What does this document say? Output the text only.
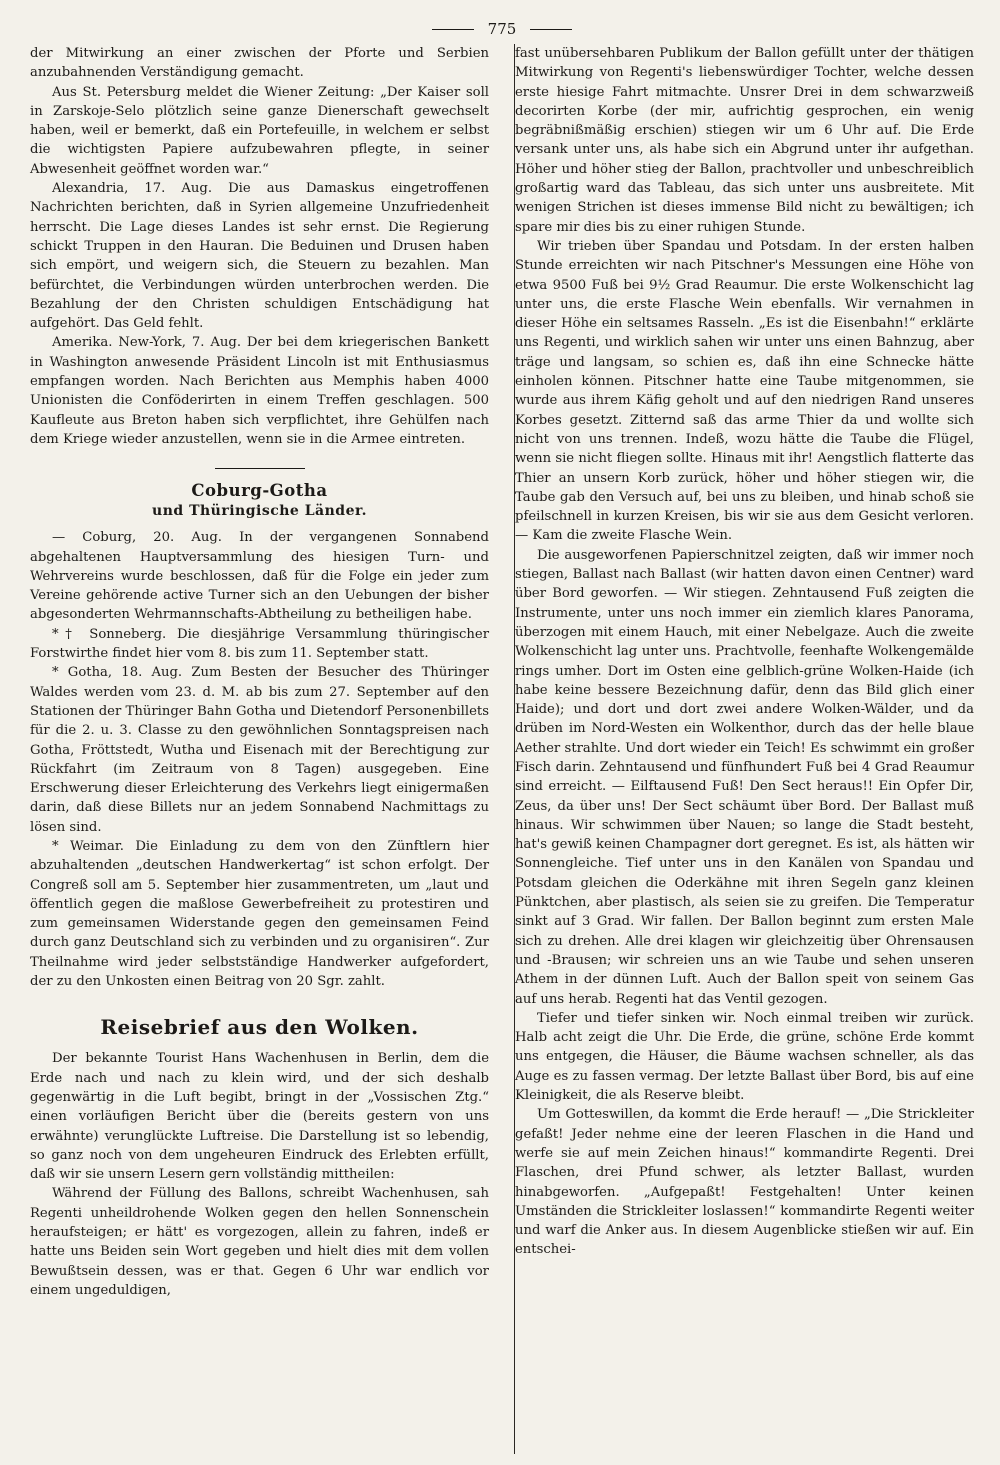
775

der Mitwirkung an einer zwischen der Pforte und Serbien anzubahnenden Verständigung gemacht.

Aus St. Petersburg meldet die Wiener Zeitung: „Der Kaiser soll in Zarskoje-Selo plötzlich seine ganze Dienerschaft gewechselt haben, weil er bemerkt, daß ein Portefeuille, in welchem er selbst die wichtigsten Papiere aufzubewahren pflegte, in seiner Abwesenheit geöffnet worden war.“

Alexandria, 17. Aug. Die aus Damaskus eingetroffenen Nachrichten berichten, daß in Syrien allgemeine Unzufriedenheit herrscht. Die Lage dieses Landes ist sehr ernst. Die Regierung schickt Truppen in den Hauran. Die Beduinen und Drusen haben sich empört, und weigern sich, die Steuern zu bezahlen. Man befürchtet, die Verbindungen würden unterbrochen werden. Die Bezahlung der den Christen schuldigen Entschädigung hat aufgehört. Das Geld fehlt.

Amerika. New-York, 7. Aug. Der bei dem kriegerischen Bankett in Washington anwesende Präsident Lincoln ist mit Enthusiasmus empfangen worden. Nach Berichten aus Memphis haben 4000 Unionisten die Conföderirten in einem Treffen geschlagen. 500 Kaufleute aus Breton haben sich verpflichtet, ihre Gehülfen nach dem Kriege wieder anzustellen, wenn sie in die Armee eintreten.

Coburg-Gotha
und Thüringische Länder.

— Coburg, 20. Aug. In der vergangenen Sonnabend abgehaltenen Hauptversammlung des hiesigen Turn- und Wehrvereins wurde beschlossen, daß für die Folge ein jeder zum Vereine gehörende active Turner sich an den Uebungen der bisher abgesonderten Wehrmannschafts-Abtheilung zu betheiligen habe.

*† Sonneberg. Die diesjährige Versammlung thüringischer Forstwirthe findet hier vom 8. bis zum 11. September statt.

* Gotha, 18. Aug. Zum Besten der Besucher des Thüringer Waldes werden vom 23. d. M. ab bis zum 27. September auf den Stationen der Thüringer Bahn Gotha und Dietendorf Personenbillets für die 2. u. 3. Classe zu den gewöhnlichen Sonntagspreisen nach Gotha, Fröttstedt, Wutha und Eisenach mit der Berechtigung zur Rückfahrt (im Zeitraum von 8 Tagen) ausgegeben. Eine Erschwerung dieser Erleichterung des Verkehrs liegt einigermaßen darin, daß diese Billets nur an jedem Sonnabend Nachmittags zu lösen sind.

* Weimar. Die Einladung zu dem von den Zünftlern hier abzuhaltenden „deutschen Handwerkertag“ ist schon erfolgt. Der Congreß soll am 5. September hier zusammentreten, um „laut und öffentlich gegen die maßlose Gewerbefreiheit zu protestiren und zum gemeinsamen Widerstande gegen den gemeinsamen Feind durch ganz Deutschland sich zu verbinden und zu organisiren“. Zur Theilnahme wird jeder selbstständige Handwerker aufgefordert, der zu den Unkosten einen Beitrag von 20 Sgr. zahlt.

Reisebrief aus den Wolken.

Der bekannte Tourist Hans Wachenhusen in Berlin, dem die Erde nach und nach zu klein wird, und der sich deshalb gegenwärtig in die Luft begibt, bringt in der „Vossischen Ztg.“ einen vorläufigen Bericht über die (bereits gestern von uns erwähnte) verunglückte Luftreise. Die Darstellung ist so lebendig, so ganz noch von dem ungeheuren Eindruck des Erlebten erfüllt, daß wir sie unsern Lesern gern vollständig mittheilen:

Während der Füllung des Ballons, schreibt Wachenhusen, sah Regenti unheildrohende Wolken gegen den hellen Sonnenschein heraufsteigen; er hätt' es vorgezogen, allein zu fahren, indeß er hatte uns Beiden sein Wort gegeben und hielt dies mit dem vollen Bewußtsein dessen, was er that. Gegen 6 Uhr war endlich vor einem ungeduldigen,

fast unübersehbaren Publikum der Ballon gefüllt unter der thätigen Mitwirkung von Regenti's liebenswürdiger Tochter, welche dessen erste hiesige Fahrt mitmachte. Unsrer Drei in dem schwarzweiß decorirten Korbe (der mir, aufrichtig gesprochen, ein wenig begräbnißmäßig erschien) stiegen wir um 6 Uhr auf. Die Erde versank unter uns, als habe sich ein Abgrund unter ihr aufgethan. Höher und höher stieg der Ballon, prachtvoller und unbeschreiblich großartig ward das Tableau, das sich unter uns ausbreitete. Mit wenigen Strichen ist dieses immense Bild nicht zu bewältigen; ich spare mir dies bis zu einer ruhigen Stunde.

Wir trieben über Spandau und Potsdam. In der ersten halben Stunde erreichten wir nach Pitschner's Messungen eine Höhe von etwa 9500 Fuß bei 9½ Grad Reaumur. Die erste Wolkenschicht lag unter uns, die erste Flasche Wein ebenfalls. Wir vernahmen in dieser Höhe ein seltsames Rasseln. „Es ist die Eisenbahn!“ erklärte uns Regenti, und wirklich sahen wir unter uns einen Bahnzug, aber träge und langsam, so schien es, daß ihn eine Schnecke hätte einholen können. Pitschner hatte eine Taube mitgenommen, sie wurde aus ihrem Käfig geholt und auf den niedrigen Rand unseres Korbes gesetzt. Zitternd saß das arme Thier da und wollte sich nicht von uns trennen. Indeß, wozu hätte die Taube die Flügel, wenn sie nicht fliegen sollte. Hinaus mit ihr! Aengstlich flatterte das Thier an unsern Korb zurück, höher und höher stiegen wir, die Taube gab den Versuch auf, bei uns zu bleiben, und hinab schoß sie pfeilschnell in kurzen Kreisen, bis wir sie aus dem Gesicht verloren. — Kam die zweite Flasche Wein.

Die ausgeworfenen Papierschnitzel zeigten, daß wir immer noch stiegen, Ballast nach Ballast (wir hatten davon einen Centner) ward über Bord geworfen. — Wir stiegen. Zehntausend Fuß zeigten die Instrumente, unter uns noch immer ein ziemlich klares Panorama, überzogen mit einem Hauch, mit einer Nebelgaze. Auch die zweite Wolkenschicht lag unter uns. Prachtvolle, feenhafte Wolkengemälde rings umher. Dort im Osten eine gelblich-grüne Wolken-Haide (ich habe keine bessere Bezeichnung dafür, denn das Bild glich einer Haide); und dort und dort zwei andere Wolken-Wälder, und da drüben im Nord-Westen ein Wolkenthor, durch das der helle blaue Aether strahlte. Und dort wieder ein Teich! Es schwimmt ein großer Fisch darin. Zehntausend und fünfhundert Fuß bei 4 Grad Reaumur sind erreicht. — Eilftausend Fuß! Den Sect heraus!! Ein Opfer Dir, Zeus, da über uns! Der Sect schäumt über Bord. Der Ballast muß hinaus. Wir schwimmen über Nauen; so lange die Stadt besteht, hat's gewiß keinen Champagner dort geregnet. Es ist, als hätten wir Sonnengleiche. Tief unter uns in den Kanälen von Spandau und Potsdam gleichen die Oderkähne mit ihren Segeln ganz kleinen Pünktchen, aber plastisch, als seien sie zu greifen. Die Temperatur sinkt auf 3 Grad. Wir fallen. Der Ballon beginnt zum ersten Male sich zu drehen. Alle drei klagen wir gleichzeitig über Ohrensausen und -Brausen; wir schreien uns an wie Taube und sehen unseren Athem in der dünnen Luft. Auch der Ballon speit von seinem Gas auf uns herab. Regenti hat das Ventil gezogen.

Tiefer und tiefer sinken wir. Noch einmal treiben wir zurück. Halb acht zeigt die Uhr. Die Erde, die grüne, schöne Erde kommt uns entgegen, die Häuser, die Bäume wachsen schneller, als das Auge es zu fassen vermag. Der letzte Ballast über Bord, bis auf eine Kleinigkeit, die als Reserve bleibt.

Um Gotteswillen, da kommt die Erde herauf! — „Die Strickleiter gefaßt! Jeder nehme eine der leeren Flaschen in die Hand und werfe sie auf mein Zeichen hinaus!“ kommandirte Regenti. Drei Flaschen, drei Pfund schwer, als letzter Ballast, wurden hinabgeworfen. „Aufgepaßt! Festgehalten! Unter keinen Umständen die Strickleiter loslassen!“ kommandirte Regenti weiter und warf die Anker aus. In diesem Augenblicke stießen wir auf. Ein entschei-
